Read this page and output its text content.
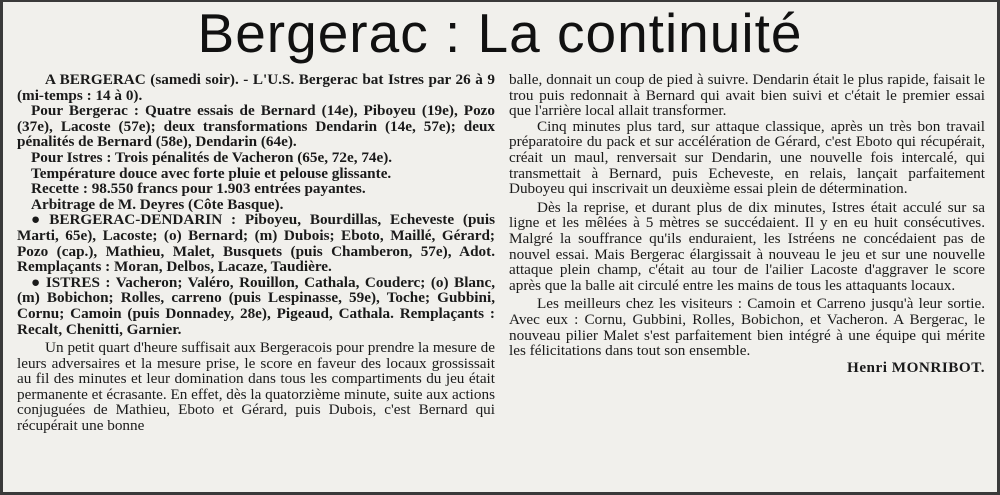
Bergerac : La continuité

A BERGERAC (samedi soir). - L'U.S. Bergerac bat Istres par 26 à 9 (mi-temps : 14 à 0).

Pour Bergerac : Quatre essais de Bernard (14e), Piboyeu (19e), Pozo (37e), Lacoste (57e); deux transformations Dendarin (14e, 57e); deux pénalités de Bernard (58e), Dendarin (64e).

Pour Istres : Trois pénalités de Vacheron (65e, 72e, 74e).

Température douce avec forte pluie et pelouse glissante.

Recette : 98.550 francs pour 1.903 entrées payantes.

Arbitrage de M. Deyres (Côte Basque).

● BERGERAC-DENDARIN : Piboyeu, Bourdillas, Echeveste (puis Marti, 65e), Lacoste; (o) Bernard; (m) Dubois; Eboto, Maillé, Gérard; Pozo (cap.), Mathieu, Malet, Busquets (puis Chamberon, 57e), Adot. Remplaçants : Moran, Delbos, Lacaze, Taudière.

● ISTRES : Vacheron; Valéro, Rouillon, Cathala, Couderc; (o) Blanc, (m) Bobichon; Rolles, carreno (puis Lespinasse, 59e), Toche; Gubbini, Cornu; Camoin (puis Donnadey, 28e), Pigeaud, Cathala. Remplaçants : Recalt, Chenitti, Garnier.

Un petit quart d'heure suffisait aux Bergeracois pour prendre la mesure de leurs adversaires et la mesure prise, le score en faveur des locaux grossissait au fil des minutes et leur domination dans tous les compartiments du jeu était permanente et écrasante. En effet, dès la quatorzième minute, suite aux actions conjuguées de Mathieu, Eboto et Gérard, puis Dubois, c'est Bernard qui récupérait une bonne

balle, donnait un coup de pied à suivre. Dendarin était le plus rapide, faisait le trou puis redonnait à Bernard qui avait bien suivi et c'était le premier essai que l'arrière local allait transformer.

Cinq minutes plus tard, sur attaque classique, après un très bon travail préparatoire du pack et sur accélération de Gérard, c'est Eboto qui récupérait, créait un maul, renversait sur Dendarin, une nouvelle fois intercalé, qui transmettait à Bernard, puis Echeveste, en relais, lançait parfaitement Duboyeu qui inscrivait un deuxième essai plein de détermination.

Dès la reprise, et durant plus de dix minutes, Istres était acculé sur sa ligne et les mêlées à 5 mètres se succédaient. Il y en eu huit consécutives. Malgré la souffrance qu'ils enduraient, les Istréens ne concédaient pas de nouvel essai. Mais Bergerac élargissait à nouveau le jeu et sur une nouvelle attaque plein champ, c'était au tour de l'ailier Lacoste d'aggraver le score après que la balle ait circulé entre les mains de tous les attaquants locaux.

Les meilleurs chez les visiteurs : Camoin et Carreno jusqu'à leur sortie. Avec eux : Cornu, Gubbini, Rolles, Bobichon, et Vacheron. A Bergerac, le nouveau pilier Malet s'est parfaitement bien intégré à une équipe qui mérite les félicitations dans tout son ensemble.

Henri MONRIBOT.
